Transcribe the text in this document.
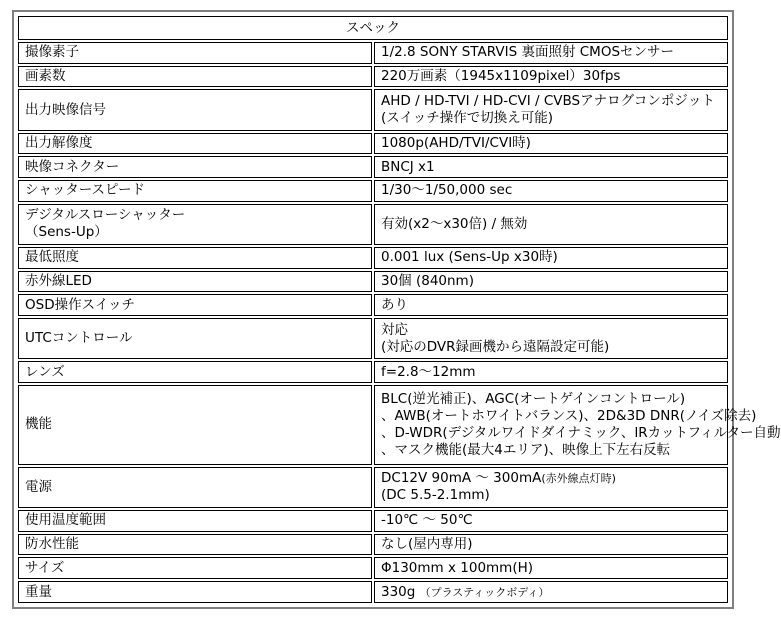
スペック	

撮像素子	1/2.8 SONY STARVIS 裏面照射 CMOSセンサー

画素数	220万画素（1945x1109pixel）30fps

出力映像信号	AHD / HD-TVI / HD-CVI / CVBSアナログコンポジット
(スイッチ操作で切換え可能)

出力解像度	1080p(AHD/TVI/CVI時)

映像コネクター	BNCJ x1

シャッタースピード	1/30～1/50,000 sec

デジタルスローシャッター
（Sens-Up）	有効(x2～x30倍) / 無効

最低照度	0.001 lux (Sens-Up x30時)

赤外線LED	30個 (840nm)

OSD操作スイッチ	あり

UTCコントロール	対応
(対応のDVR録画機から遠隔設定可能)

レンズ	f=2.8～12mm

機能	BLC(逆光補正)、AGC(オートゲインコントロール)
、AWB(オートホワイトバランス)、2D&3D DNR(ノイズ除去)
、D-WDR(デジタルワイドダイナミック、IRカットフィルター自動
、マスク機能(最大4エリア)、映像上下左右反転

電源	DC12V 90mA ～ 300mA(赤外線点灯時)
(DC 5.5-2.1mm)

使用温度範囲	-10℃ ～ 50℃

防水性能	なし(屋内専用)

サイズ	Φ130mm x 100mm(H)

重量	330g （プラスティックボディ）
